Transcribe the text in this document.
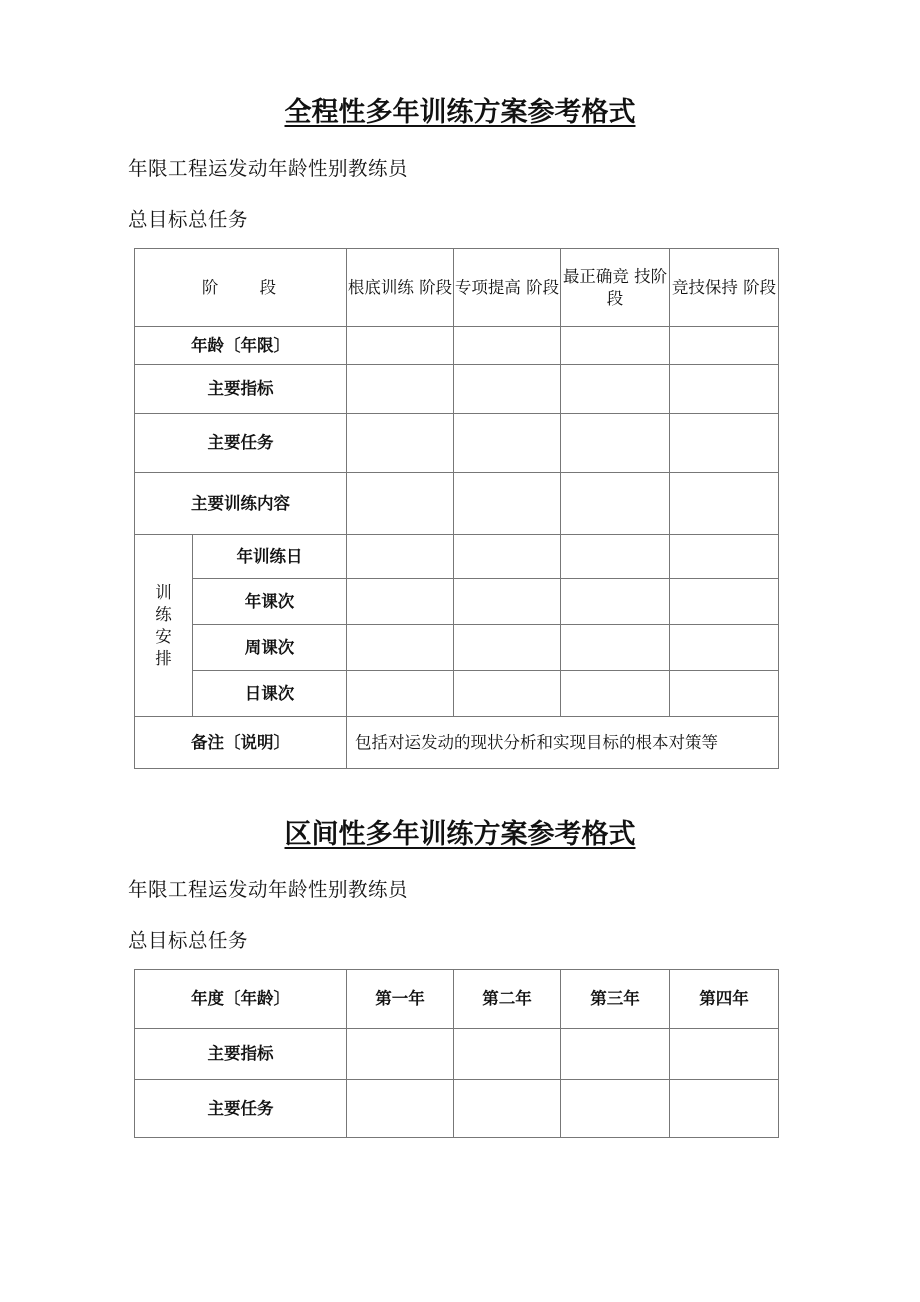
全程性多年训练方案参考格式
年限工程运发动年龄性别教练员
总目标总任务
阶 段		根底训练 阶段	专项提高 阶段	最正确竞 技阶 段	竞技保持 阶段
年龄〔年限〕					
主要指标					
主要任务					
主要训练内容					

训练安排	年训练日				
	年课次				
	周课次				
	日课次				
备注〔说明〕		包括对运发动的现状分析和实现目标的根本对策等			
区间性多年训练方案参考格式
年限工程运发动年龄性别教练员
总目标总任务
年度〔年龄〕	第一年	第二年	第三年	第四年
主要指标				
主要任务				
